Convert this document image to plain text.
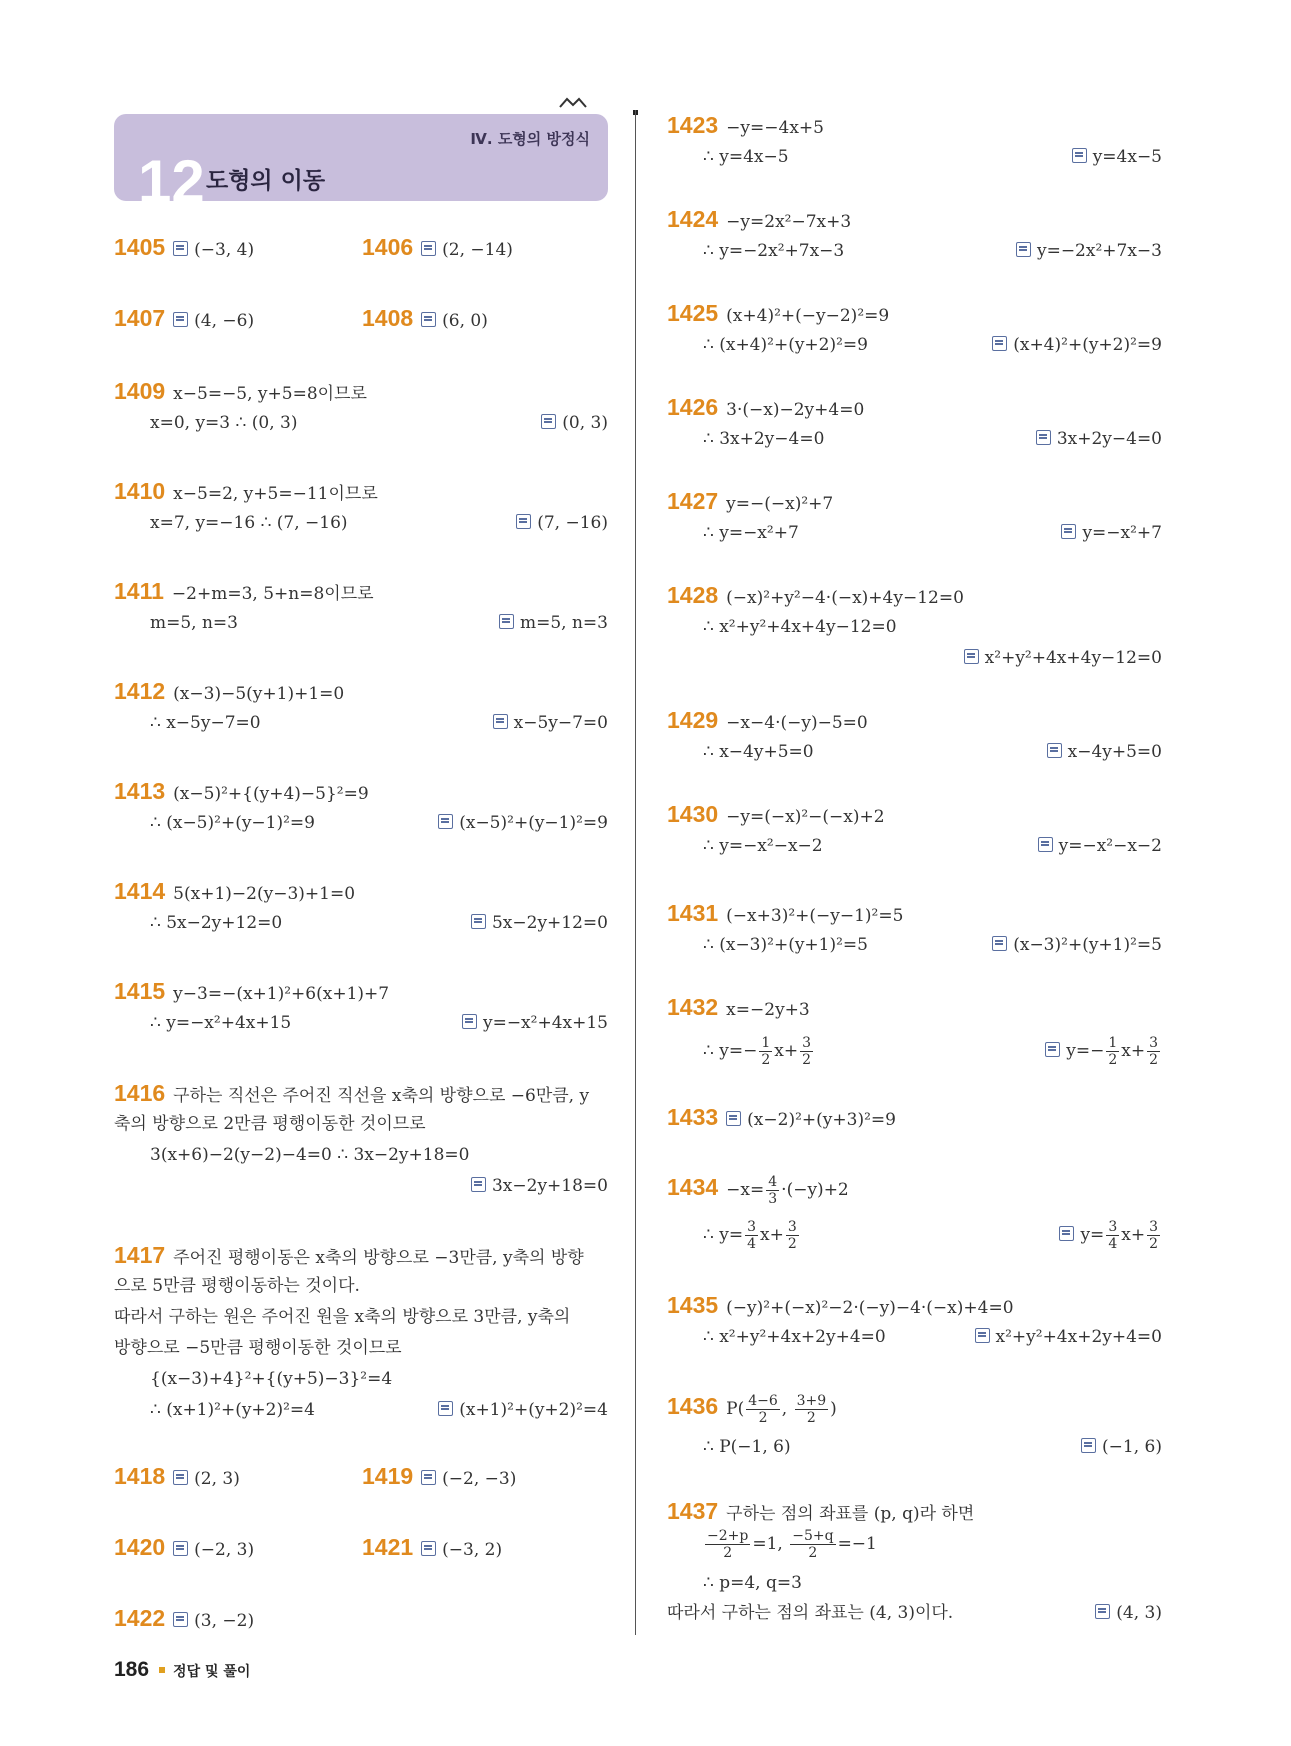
Ⅳ. 도형의 방정식
12 도형의 이동
1405 (−3, 4)	1406 (2, −14)
1407 (4, −6)	1408 (6, 0)
1409 x−5=−5, y+5=8이므로
x=0, y=3 ∴ (0, 3)	(0, 3)
1410 x−5=2, y+5=−11이므로
x=7, y=−16 ∴ (7, −16)	(7, −16)
1411 −2+m=3, 5+n=8이므로
m=5, n=3	m=5, n=3
1412 (x−3)−5(y+1)+1=0
∴ x−5y−7=0	x−5y−7=0
1413 (x−5)²+{(y+4)−5}²=9
∴ (x−5)²+(y−1)²=9	(x−5)²+(y−1)²=9
1414 5(x+1)−2(y−3)+1=0
∴ 5x−2y+12=0	5x−2y+12=0
1415 y−3=−(x+1)²+6(x+1)+7
∴ y=−x²+4x+15	y=−x²+4x+15
1416 구하는 직선은 주어진 직선을 x축의 방향으로 −6만큼, y
축의 방향으로 2만큼 평행이동한 것이므로
3(x+6)−2(y−2)−4=0 ∴ 3x−2y+18=0
3x−2y+18=0
1417 주어진 평행이동은 x축의 방향으로 −3만큼, y축의 방향
으로 5만큼 평행이동하는 것이다.
따라서 구하는 원은 주어진 원을 x축의 방향으로 3만큼, y축의
방향으로 −5만큼 평행이동한 것이므로
{(x−3)+4}²+{(y+5)−3}²=4
∴ (x+1)²+(y+2)²=4	(x+1)²+(y+2)²=4
1418 (2, 3)	1419 (−2, −3)
1420 (−2, 3)	1421 (−3, 2)
1422 (3, −2)
1423 −y=−4x+5
∴ y=4x−5	y=4x−5
1424 −y=2x²−7x+3
∴ y=−2x²+7x−3	y=−2x²+7x−3
1425 (x+4)²+(−y−2)²=9
∴ (x+4)²+(y+2)²=9	(x+4)²+(y+2)²=9
1426 3·(−x)−2y+4=0
∴ 3x+2y−4=0	3x+2y−4=0
1427 y=−(−x)²+7
∴ y=−x²+7	y=−x²+7
1428 (−x)²+y²−4·(−x)+4y−12=0
∴ x²+y²+4x+4y−12=0
x²+y²+4x+4y−12=0
1429 −x−4·(−y)−5=0
∴ x−4y+5=0	x−4y+5=0
1430 −y=(−x)²−(−x)+2
∴ y=−x²−x−2	y=−x²−x−2
1431 (−x+3)²+(−y−1)²=5
∴ (x−3)²+(y+1)²=5	(x−3)²+(y+1)²=5
1432 x=−2y+3
∴ $y=- \frac{1}{2} x+ \frac{3}{2}$	$y=- \frac{1}{2} x+ \frac{3}{2}$
1433 (x−2)²+(y+3)²=9
$1434 -x= \frac{4}{3} \cdot(-y)+2$
∴ $y= \frac{3}{4} x+ \frac{3}{2}$	$y= \frac{3}{4} x+ \frac{3}{2}$
1435 (−y)²+(−x)²−2·(−y)−4·(−x)+4=0
∴ x²+y²+4x+2y+4=0	x²+y²+4x+2y+4=0
1436 $P( \frac{4-6}{2}$ , $\frac{3+9}{2}$ )
∴ P(−1, 6)	(−1, 6)
1437 구하는 점의 좌표를 (p, q)라 하면
$\frac{-2+p}{2} =1$, $\frac{-5+q}{2} =-1$
∴ p=4, q=3
따라서 구하는 점의 좌표는 (4, 3)이다.	(4, 3)
186 정답 및 풀이
